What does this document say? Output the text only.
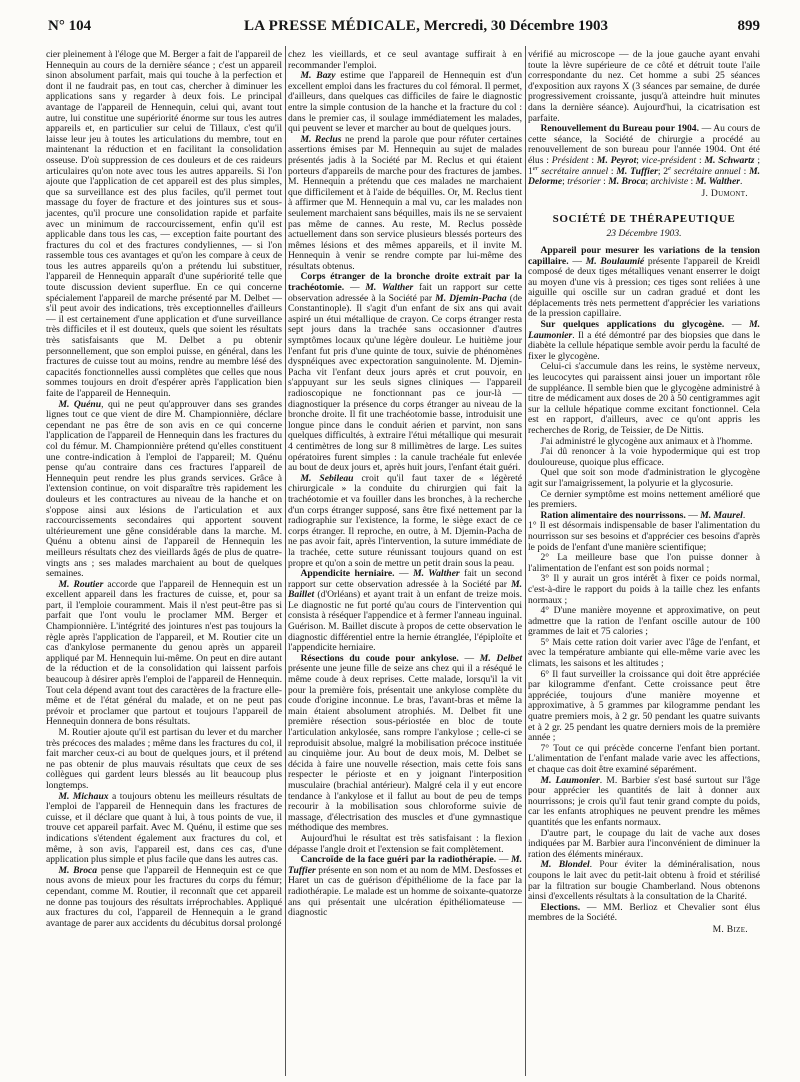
N° 104	LA PRESSE MÉDICALE, Mercredi, 30 Décembre 1903	899

cier pleinement à l'éloge que M. Berger a fait de l'appareil de Hennequin au cours de la dernière séance ; c'est un appareil sinon absolument parfait, mais qui touche à la perfection et dont il ne faudrait pas, en tout cas, chercher à diminuer les applications sans y regarder à deux fois. Le principal avantage de l'appareil de Hennequin, celui qui, avant tout autre, lui constitue une supériorité énorme sur tous les autres appareils et, en particulier sur celui de Tillaux, c'est qu'il laisse leur jeu à toutes les articulations du membre, tout en maintenant la réduction et en facilitant la consolidation osseuse. D'où suppression de ces douleurs et de ces raideurs articulaires qu'on note avec tous les autres appareils. Si l'on ajoute que l'application de cet appareil est des plus simples, que sa surveillance est des plus faciles, qu'il permet tout massage du foyer de fracture et des jointures sus et sous-jacentes, qu'il procure une consolidation rapide et parfaite avec un minimum de raccourcissement, enfin qu'il est applicable dans tous les cas, — exception faite pourtant des fractures du col et des fractures condyliennes, — si l'on rassemble tous ces avantages et qu'on les compare à ceux de tous les autres appareils qu'on a prétendu lui substituer, l'appareil de Hennequin apparaît d'une supériorité telle que toute discussion devient superflue. En ce qui concerne spécialement l'appareil de marche présenté par M. Delbet — s'il peut avoir des indications, très exceptionnelles d'ailleurs — il est certainement d'une application et d'une surveillance très difficiles et il est douteux, quels que soient les résultats très satisfaisants que M. Delbet a pu obtenir personnellement, que son emploi puisse, en général, dans les fractures de cuisse tout au moins, rendre au membre lésé des capacités fonctionnelles aussi complètes que celles que nous sommes toujours en droit d'espérer après l'application bien faite de l'appareil de Hennequin.

M. Quénu, qui ne peut qu'approuver dans ses grandes lignes tout ce que vient de dire M. Championnière, déclare cependant ne pas être de son avis en ce qui concerne l'application de l'appareil de Hennequin dans les fractures du col du fémur. M. Championnière prétend qu'elles constituent une contre-indication à l'emploi de l'appareil; M. Quénu pense qu'au contraire dans ces fractures l'appareil de Hennequin peut rendre les plus grands services. Grâce à l'extension continue, on voit disparaître très rapidement les douleurs et les contractures au niveau de la hanche et on s'oppose ainsi aux lésions de l'articulation et aux raccourcissements secondaires qui apportent souvent ultérieurement une gêne considérable dans la marche. M. Quénu a obtenu ainsi de l'appareil de Hennequin les meilleurs résultats chez des vieillards âgés de plus de quatre-vingts ans ; ses malades marchaient au bout de quelques semaines.

M. Routier accorde que l'appareil de Hennequin est un excellent appareil dans les fractures de cuisse, et, pour sa part, il l'emploie couramment. Mais il n'est peut-être pas si parfait que l'ont voulu le proclamer MM. Berger et Championnière. L'intégrité des jointures n'est pas toujours la règle après l'application de l'appareil, et M. Routier cite un cas d'ankylose permanente du genou après un appareil appliqué par M. Hennequin lui-même. On peut en dire autant de la réduction et de la consolidation qui laissent parfois beaucoup à désirer après l'emploi de l'appareil de Hennequin. Tout cela dépend avant tout des caractères de la fracture elle-même et de l'état général du malade, et on ne peut pas prévoir et proclamer que partout et toujours l'appareil de Hennequin donnera de bons résultats.

M. Routier ajoute qu'il est partisan du lever et du marcher très précoces des malades ; même dans les fractures du col, il fait marcher ceux-ci au bout de quelques jours, et il prétend ne pas obtenir de plus mauvais résultats que ceux de ses collègues qui gardent leurs blessés au lit beaucoup plus longtemps.

M. Michaux a toujours obtenu les meilleurs résultats de l'emploi de l'appareil de Hennequin dans les fractures de cuisse, et il déclare que quant à lui, à tous points de vue, il trouve cet appareil parfait. Avec M. Quénu, il estime que ses indications s'étendent également aux fractures du col, et même, à son avis, l'appareil est, dans ces cas, d'une application plus simple et plus facile que dans les autres cas.

M. Broca pense que l'appareil de Hennequin est ce que nous avons de mieux pour les fractures du corps du fémur; cependant, comme M. Routier, il reconnaît que cet appareil ne donne pas toujours des résultats irréprochables. Appliqué aux fractures du col, l'appareil de Hennequin a le grand avantage de parer aux accidents du décubitus dorsal prolongé

chez les vieillards, et ce seul avantage suffirait à en recommander l'emploi.

M. Bazy estime que l'appareil de Hennequin est d'un excellent emploi dans les fractures du col fémoral. Il permet, d'ailleurs, dans quelques cas difficiles de faire le diagnostic entre la simple contusion de la hanche et la fracture du col : dans le premier cas, il soulage immédiatement les malades, qui peuvent se lever et marcher au bout de quelques jours.

M. Reclus ne prend la parole que pour réfuter certaines assertions émises par M. Hennequin au sujet de malades présentés jadis à la Société par M. Reclus et qui étaient porteurs d'appareils de marche pour des fractures de jambes. M. Hennequin a prétendu que ces malades ne marchaient que difficilement et à l'aide de béquilles. Or, M. Reclus tient à affirmer que M. Hennequin a mal vu, car les malades non seulement marchaient sans béquilles, mais ils ne se servaient pas même de cannes. Au reste, M. Reclus possède actuellement dans son service plusieurs blessés porteurs des mêmes lésions et des mêmes appareils, et il invite M. Hennequin à venir se rendre compte par lui-même des résultats obtenus.

Corps étranger de la bronche droite extrait par la trachéotomie. — M. Walther fait un rapport sur cette observation adressée à la Société par M. Djemin-Pacha (de Constantinople). Il s'agit d'un enfant de six ans qui avait aspiré un étui métallique de crayon. Ce corps étranger resta sept jours dans la trachée sans occasionner d'autres symptômes locaux qu'une légère douleur. Le huitième jour l'enfant fut pris d'une quinte de toux, suivie de phénomènes dyspnéiques avec expectoration sanguinolente. M. Djemin-Pacha vit l'enfant deux jours après et crut pouvoir, en s'appuyant sur les seuls signes cliniques — l'appareil radioscopique ne fonctionnant pas ce jour-là — diagnostiquer la présence du corps étranger au niveau de la bronche droite. Il fit une trachéotomie basse, introduisit une longue pince dans le conduit aérien et parvint, non sans quelques difficultés, à extraire l'étui métallique qui mesurait 4 centimètres de long sur 8 millimètres de large. Les suites opératoires furent simples : la canule trachéale fut enlevée au bout de deux jours et, après huit jours, l'enfant était guéri.

M. Sebileau croit qu'il faut taxer de « légèreté chirurgicale » la conduite du chirurgien qui fait la trachéotomie et va fouiller dans les bronches, à la recherche d'un corps étranger supposé, sans être fixé nettement par la radiographie sur l'existence, la forme, le siège exact de ce corps étranger. Il reproche, en outre, à M. Djemin-Pacha de ne pas avoir fait, après l'intervention, la suture immédiate de la trachée, cette suture réunissant toujours quand on est propre et qu'on a soin de mettre un petit drain sous la peau.

Appendicite herniaire. — M. Walther fait un second rapport sur cette observation adressée à la Société par M. Baillet (d'Orléans) et ayant trait à un enfant de treize mois. Le diagnostic ne fut porté qu'au cours de l'intervention qui consista à réséquer l'appendice et à fermer l'anneau inguinal. Guérison. M. Baillet discute à propos de cette observation le diagnostic différentiel entre la hernie étranglée, l'épiploïte et l'appendicite herniaire.

Résections du coude pour ankylose. — M. Delbet présente une jeune fille de seize ans chez qui il a réséqué le même coude à deux reprises. Cette malade, lorsqu'il la vit pour la première fois, présentait une ankylose complète du coude d'origine inconnue. Le bras, l'avant-bras et même la main étaient absolument atrophiés. M. Delbet fit une première résection sous-périostée en bloc de toute l'articulation ankylosée, sans rompre l'ankylose ; celle-ci se reproduisit absolue, malgré la mobilisation précoce instituée au cinquième jour. Au bout de deux mois, M. Delbet se décida à faire une nouvelle résection, mais cette fois sans respecter le périoste et en y joignant l'interposition musculaire (brachial antérieur). Malgré cela il y eut encore tendance à l'ankylose et il fallut au bout de peu de temps recourir à la mobilisation sous chloroforme suivie de massage, d'électrisation des muscles et d'une gymnastique méthodique des membres.

Aujourd'hui le résultat est très satisfaisant : la flexion dépasse l'angle droit et l'extension se fait complètement.

Cancroïde de la face guéri par la radiothérapie. — M. Tuffier présente en son nom et au nom de MM. Desfosses et Haret un cas de guérison d'épithéliome de la face par la radiothérapie. Le malade est un homme de soixante-quatorze ans qui présentait une ulcération épithéliomateuse — diagnostic

vérifié au microscope — de la joue gauche ayant envahi toute la lèvre supérieure de ce côté et détruit toute l'aile correspondante du nez. Cet homme a subi 25 séances d'exposition aux rayons X (3 séances par semaine, de durée progressivement croissante, jusqu'à atteindre huit minutes dans la dernière séance). Aujourd'hui, la cicatrisation est parfaite.

Renouvellement du Bureau pour 1904. — Au cours de cette séance, la Société de chirurgie a procédé au renouvellement de son bureau pour l'année 1904. Ont été élus : Président : M. Peyrot; vice-président : M. Schwartz ; 1er secrétaire annuel : M. Tuffier; 2e secrétaire annuel : M. Delorme; trésorier : M. Broca; archiviste : M. Walther.

J. Dumont.

SOCIÉTÉ DE THÉRAPEUTIQUE

23 Décembre 1903.

Appareil pour mesurer les variations de la tension capillaire. — M. Boulaumié présente l'appareil de Kreidl composé de deux tiges métalliques venant enserrer le doigt au moyen d'une vis à pression; ces tiges sont reliées à une aiguille qui oscille sur un cadran gradué et dont les déplacements très nets permettent d'apprécier les variations de la pression capillaire.

Sur quelques applications du glycogène. — M. Laumonier. Il a été démontré par des biopsies que dans le diabète la cellule hépatique semble avoir perdu la faculté de fixer le glycogène.

Celui-ci s'accumule dans les reins, le système nerveux, les leucocytes qui paraissent ainsi jouer un important rôle de suppléance. Il semble bien que le glycogène administré à titre de médicament aux doses de 20 à 50 centigrammes agit sur la cellule hépatique comme excitant fonctionnel. Cela est en rapport, d'ailleurs, avec ce qu'ont appris les recherches de Rorig, de Teissier, de De Nittis.

J'ai administré le glycogène aux animaux et à l'homme.

J'ai dû renoncer à la voie hypodermique qui est trop douloureuse, quoique plus efficace.

Quel que soit son mode d'administration le glycogène agit sur l'amaigrissement, la polyurie et la glycosurie.

Ce dernier symptôme est moins nettement amélioré que les premiers.

Ration alimentaire des nourrissons. — M. Maurel.

1° Il est désormais indispensable de baser l'alimentation du nourrisson sur ses besoins et d'apprécier ces besoins d'après le poids de l'enfant d'une manière scientifique;

2° La meilleure base que l'on puisse donner à l'alimentation de l'enfant est son poids normal ;

3° Il y aurait un gros intérêt à fixer ce poids normal, c'est-à-dire le rapport du poids à la taille chez les enfants normaux ;

4° D'une manière moyenne et approximative, on peut admettre que la ration de l'enfant oscille autour de 100 grammes de lait et 75 calories ;

5° Mais cette ration doit varier avec l'âge de l'enfant, et avec la température ambiante qui elle-même varie avec les climats, les saisons et les altitudes ;

6° Il faut surveiller la croissance qui doit être appréciée par kilogramme d'enfant. Cette croissance peut être appréciée, toujours d'une manière moyenne et approximative, à 5 grammes par kilogramme pendant les quatre premiers mois, à 2 gr. 50 pendant les quatre suivants et à 2 gr. 25 pendant les quatre derniers mois de la première année ;

7° Tout ce qui précède concerne l'enfant bien portant. L'alimentation de l'enfant malade varie avec les affections, et chaque cas doit être examiné séparément.

M. Laumonier. M. Barbier s'est basé surtout sur l'âge pour apprécier les quantités de lait à donner aux nourrissons; je crois qu'il faut tenir grand compte du poids, car les enfants atrophiques ne peuvent prendre les mêmes quantités que les enfants normaux.

D'autre part, le coupage du lait de vache aux doses indiquées par M. Barbier aura l'inconvénient de diminuer la ration des éléments minéraux.

M. Blondel. Pour éviter la déminéralisation, nous coupons le lait avec du petit-lait obtenu à froid et stérilisé par la filtration sur bougie Chamberland. Nous obtenons ainsi d'excellents résultats à la consultation de la Charité.

Elections. — MM. Berlioz et Chevalier sont élus membres de la Société.

M. Bize.
